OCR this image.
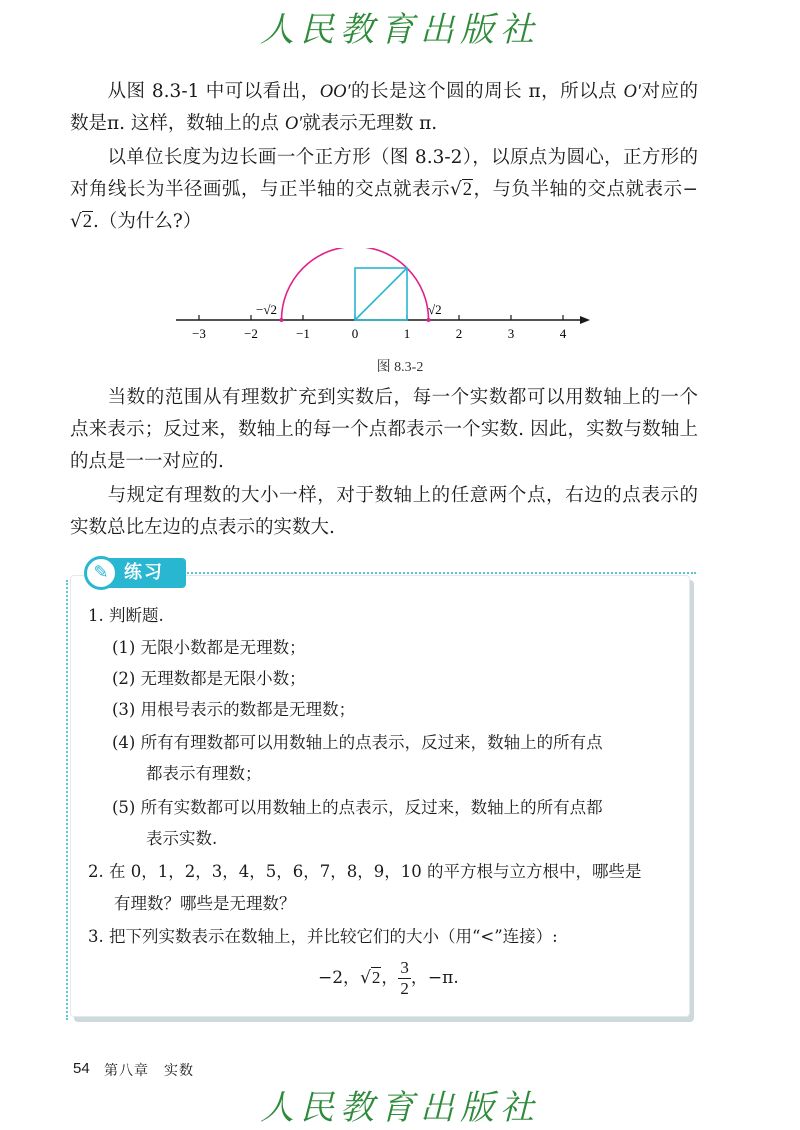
人民教育出版社
从图 8.3-1 中可以看出，OO′的长是这个圆的周长 π，所以点 O′对应的数是π. 这样，数轴上的点 O′就表示无理数 π.
以单位长度为边长画一个正方形（图 8.3-2），以原点为圆心，正方形的对角线长为半径画弧，与正半轴的交点就表示√2，与负半轴的交点就表示−√2.（为什么?）
−3	−2	−1	0	1	2	3	4
−√2	√2
图 8.3-2
当数的范围从有理数扩充到实数后，每一个实数都可以用数轴上的一个点来表示；反过来，数轴上的每一个点都表示一个实数. 因此，实数与数轴上的点是一一对应的.
与规定有理数的大小一样，对于数轴上的任意两个点，右边的点表示的实数总比左边的点表示的实数大.
✎ 练习
1. 判断题.
(1) 无限小数都是无理数；
(2) 无理数都是无限小数；
(3) 用根号表示的数都是无理数；
(4) 所有有理数都可以用数轴上的点表示，反过来，数轴上的所有点
都表示有理数；
(5) 所有实数都可以用数轴上的点表示，反过来，数轴上的所有点都
表示实数.
2. 在 0，1，2，3，4，5，6，7，8，9，10 的平方根与立方根中，哪些是
有理数？哪些是无理数？
3. 把下列实数表示在数轴上，并比较它们的大小（用“<”连接）:
−2，√2， $\frac{3}{2}$ ，−π.
54 第八章　实数
人民教育出版社
